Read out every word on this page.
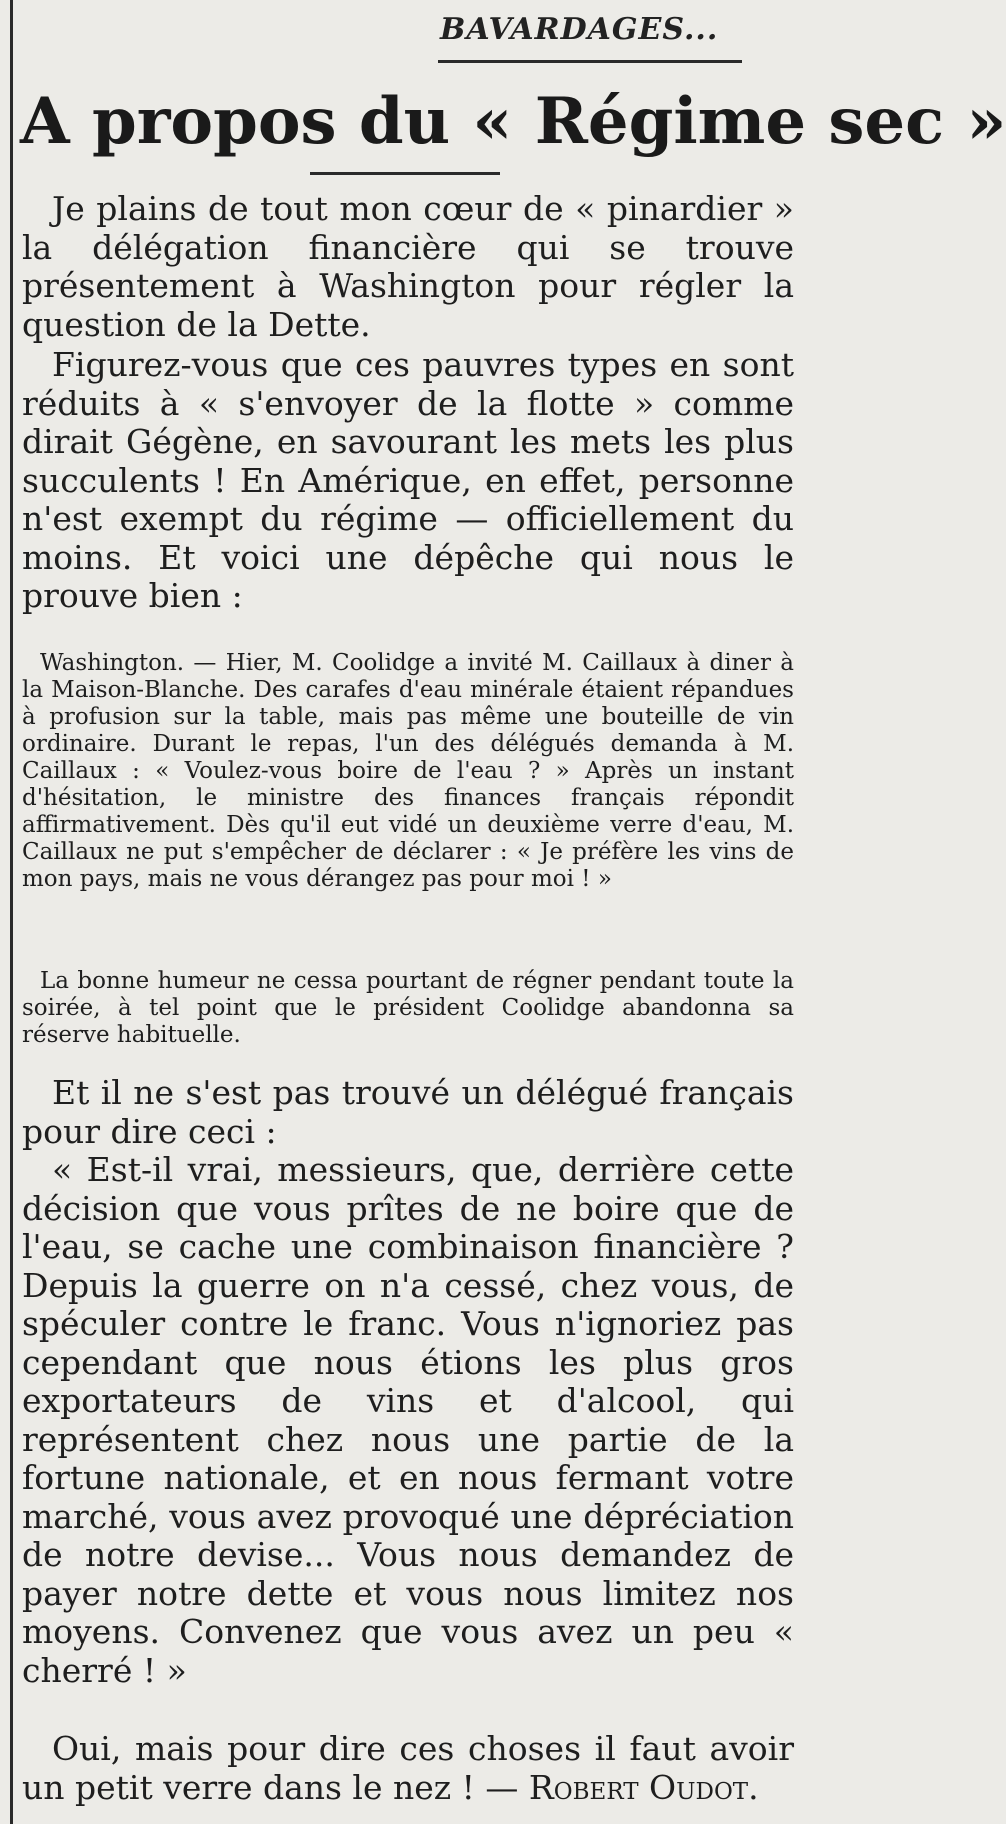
BAVARDAGES...
A propos du « Régime sec »

Je plains de tout mon cœur de « pinardier » la délégation financière qui se trouve présentement à Washington pour régler la question de la Dette.

Figurez-vous que ces pauvres types en sont réduits à « s'envoyer de la flotte » comme dirait Gégène, en savourant les mets les plus succulents ! En Amérique, en effet, personne n'est exempt du régime — officiellement du moins. Et voici une dépêche qui nous le prouve bien :

Washington. — Hier, M. Coolidge a invité M. Caillaux à diner à la Maison-Blanche. Des carafes d'eau minérale étaient répandues à profusion sur la table, mais pas même une bouteille de vin ordinaire. Durant le repas, l'un des délégués demanda à M. Caillaux : « Voulez-vous boire de l'eau ? » Après un instant d'hésitation, le ministre des finances français répondit affirmativement. Dès qu'il eut vidé un deuxième verre d'eau, M. Caillaux ne put s'empêcher de déclarer : « Je préfère les vins de mon pays, mais ne vous dérangez pas pour moi ! »

La bonne humeur ne cessa pourtant de régner pendant toute la soirée, à tel point que le président Coolidge abandonna sa réserve habituelle.

Et il ne s'est pas trouvé un délégué français pour dire ceci :

« Est-il vrai, messieurs, que, derrière cette décision que vous prîtes de ne boire que de l'eau, se cache une combinaison financière ? Depuis la guerre on n'a cessé, chez vous, de spéculer contre le franc. Vous n'ignoriez pas cependant que nous étions les plus gros exportateurs de vins et d'alcool, qui représentent chez nous une partie de la fortune nationale, et en nous fermant votre marché, vous avez provoqué une dépréciation de notre devise... Vous nous demandez de payer notre dette et vous nous limitez nos moyens. Convenez que vous avez un peu « cherré ! »

Oui, mais pour dire ces choses il faut avoir un petit verre dans le nez ! — Robert Oudot.
